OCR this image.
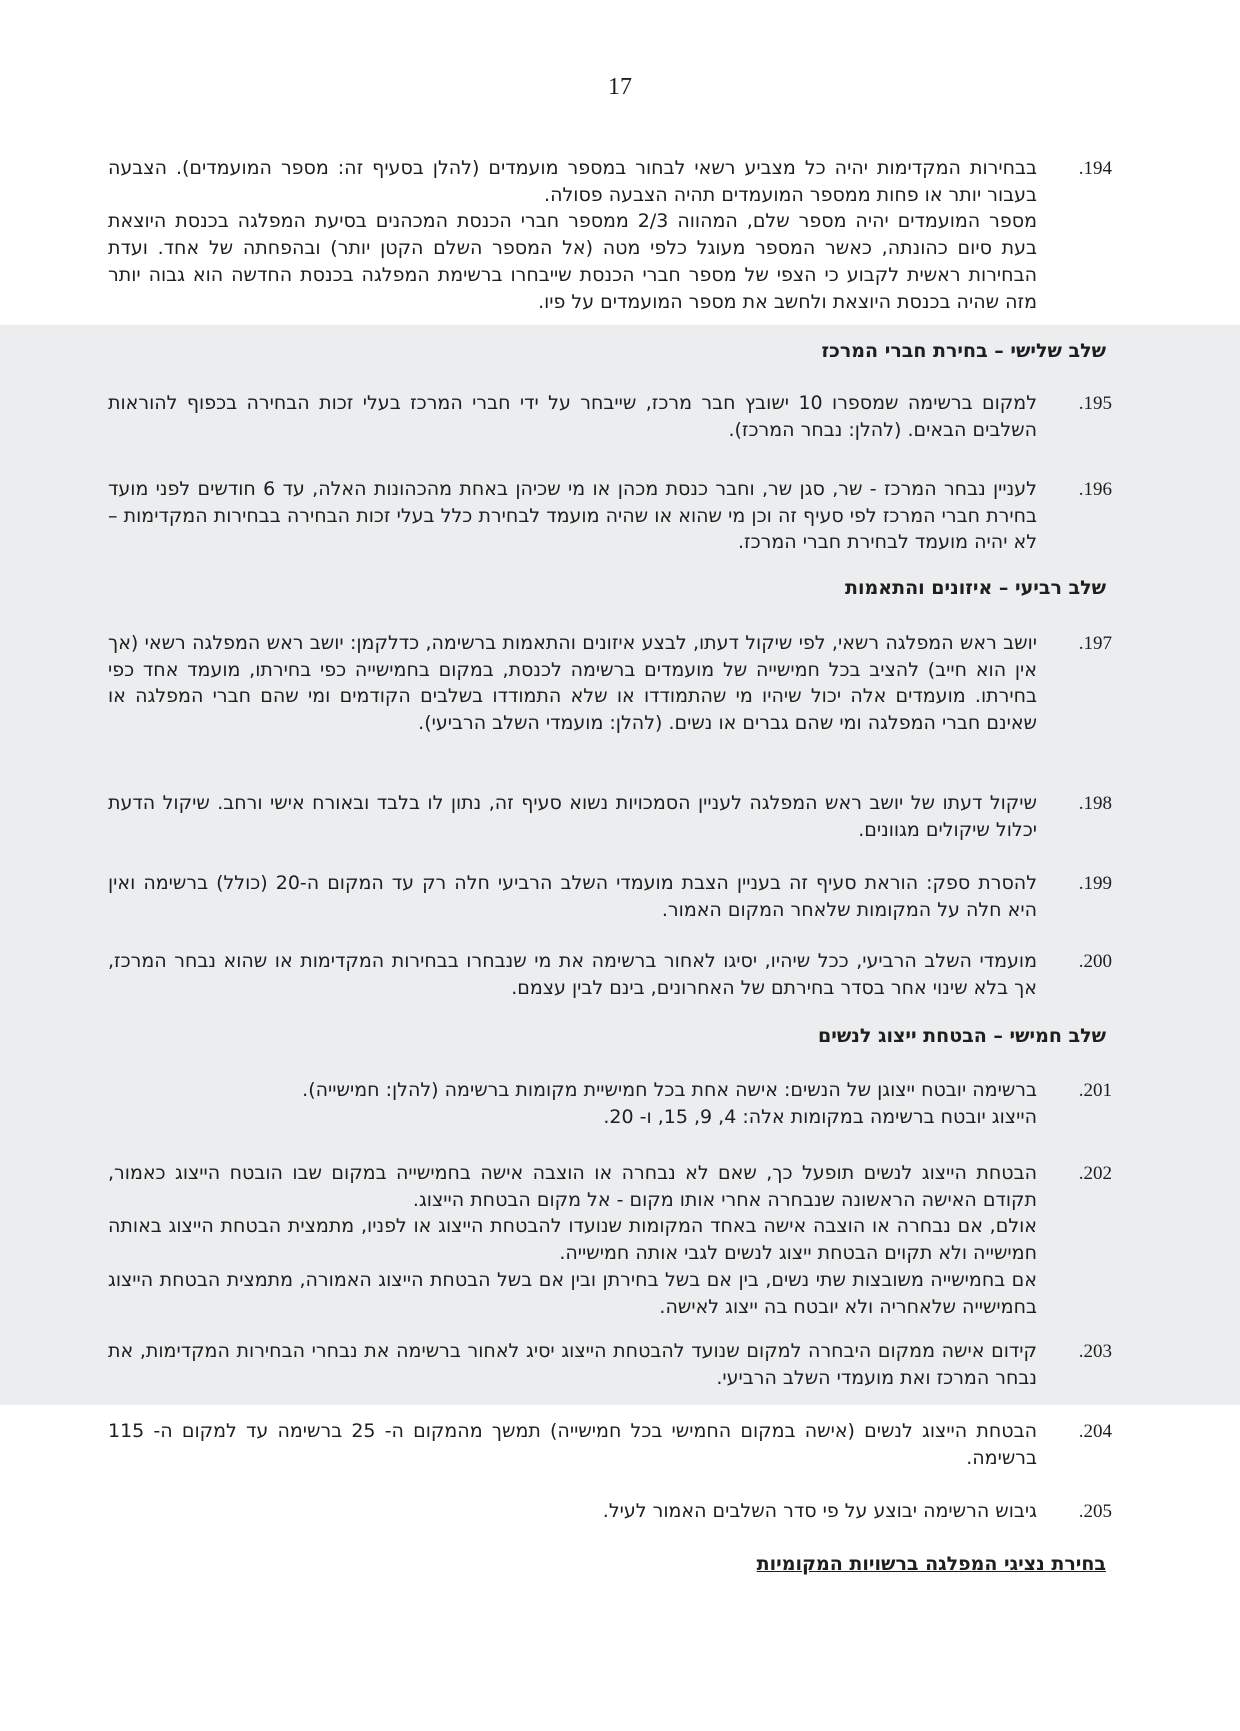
17
.194

בבחירות המקדימות יהיה כל מצביע רשאי לבחור במספר מועמדים (להלן בסעיף זה: מספר המועמדים). הצבעה בעבור יותר או פחות ממספר המועמדים תהיה הצבעה פסולה.

מספר המועמדים יהיה מספר שלם, המהווה 2/3 ממספר חברי הכנסת המכהנים בסיעת המפלגה בכנסת היוצאת בעת סיום כהונתה, כאשר המספר מעוגל כלפי מטה (אל המספר השלם הקטן יותר) ובהפחתה של אחד. ועדת הבחירות ראשית לקבוע כי הצפי של מספר חברי הכנסת שייבחרו ברשימת המפלגה בכנסת החדשה הוא גבוה יותר מזה שהיה בכנסת היוצאת ולחשב את מספר המועמדים על פיו.

שלב שלישי – בחירת חברי המרכז
.195

למקום ברשימה שמספרו 10 ישובץ חבר מרכז, שייבחר על ידי חברי המרכז בעלי זכות הבחירה בכפוף להוראות השלבים הבאים. (להלן: נבחר המרכז).

.196

לעניין נבחר המרכז - שר, סגן שר, וחבר כנסת מכהן או מי שכיהן באחת מהכהונות האלה, עד 6 חודשים לפני מועד בחירת חברי המרכז לפי סעיף זה וכן מי שהוא או שהיה מועמד לבחירת כלל בעלי זכות הבחירה בבחירות המקדימות – לא יהיה מועמד לבחירת חברי המרכז.

שלב רביעי – איזונים והתאמות
.197

יושב ראש המפלגה רשאי, לפי שיקול דעתו, לבצע איזונים והתאמות ברשימה, כדלקמן: יושב ראש המפלגה רשאי (אך אין הוא חייב) להציב בכל חמישייה של מועמדים ברשימה לכנסת, במקום בחמישייה כפי בחירתו, מועמד אחד כפי בחירתו. מועמדים אלה יכול שיהיו מי שהתמודדו או שלא התמודדו בשלבים הקודמים ומי שהם חברי המפלגה או שאינם חברי המפלגה ומי שהם גברים או נשים. (להלן: מועמדי השלב הרביעי).

.198

שיקול דעתו של יושב ראש המפלגה לעניין הסמכויות נשוא סעיף זה, נתון לו בלבד ובאורח אישי ורחב. שיקול הדעת יכלול שיקולים מגוונים.

.199

להסרת ספק: הוראת סעיף זה בעניין הצבת מועמדי השלב הרביעי חלה רק עד המקום ה-20 (כולל) ברשימה ואין היא חלה על המקומות שלאחר המקום האמור.

.200

מועמדי השלב הרביעי, ככל שיהיו, יסיגו לאחור ברשימה את מי שנבחרו בבחירות המקדימות או שהוא נבחר המרכז, אך בלא שינוי אחר בסדר בחירתם של האחרונים, בינם לבין עצמם.

שלב חמישי – הבטחת ייצוג לנשים
.201

ברשימה יובטח ייצוגן של הנשים: אישה אחת בכל חמישיית מקומות ברשימה (להלן: חמישייה).

הייצוג יובטח ברשימה במקומות אלה: 4, 9, 15, ו- 20.

.202

הבטחת הייצוג לנשים תופעל כך, שאם לא נבחרה או הוצבה אישה בחמישייה במקום שבו הובטח הייצוג כאמור, תקודם האישה הראשונה שנבחרה אחרי אותו מקום - אל מקום הבטחת הייצוג.

אולם, אם נבחרה או הוצבה אישה באחד המקומות שנועדו להבטחת הייצוג או לפניו, מתמצית הבטחת הייצוג באותה חמישייה ולא תקוים הבטחת ייצוג לנשים לגבי אותה חמישייה.

אם בחמישייה משובצות שתי נשים, בין אם בשל בחירתן ובין אם בשל הבטחת הייצוג האמורה, מתמצית הבטחת הייצוג בחמישייה שלאחריה ולא יובטח בה ייצוג לאישה.

.203

קידום אישה ממקום היבחרה למקום שנועד להבטחת הייצוג יסיג לאחור ברשימה את נבחרי הבחירות המקדימות, את נבחר המרכז ואת מועמדי השלב הרביעי.

.204

הבטחת הייצוג לנשים (אישה במקום החמישי בכל חמישייה) תמשך מהמקום ה- 25 ברשימה עד למקום ה- 115 ברשימה.

.205

גיבוש הרשימה יבוצע על פי סדר השלבים האמור לעיל.

בחירת נציגי המפלגה ברשויות המקומיות
